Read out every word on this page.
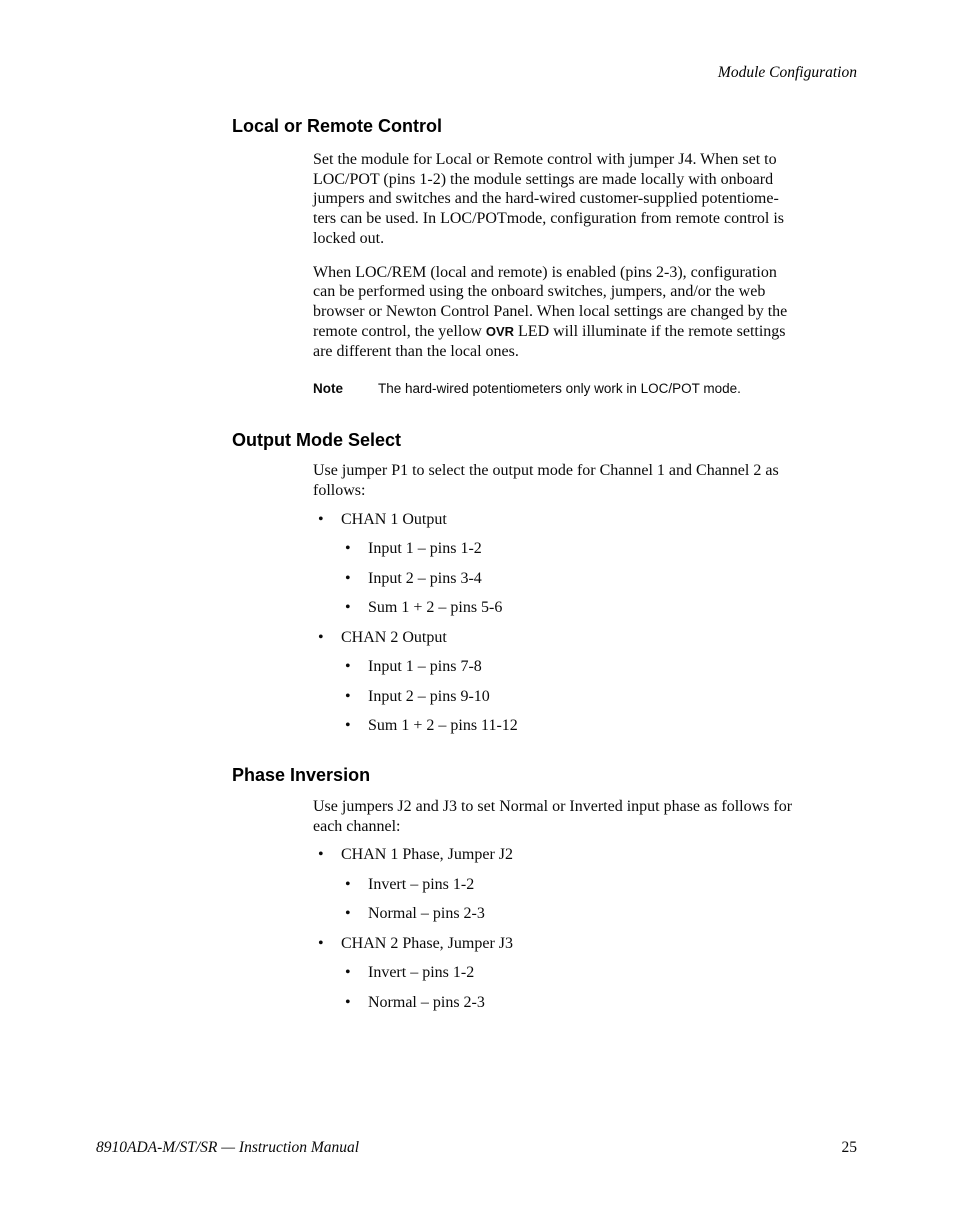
Module Configuration
Local or Remote Control
Set the module for Local or Remote control with jumper J4. When set to
LOC/POT (pins 1-2) the module settings are made locally with onboard
jumpers and switches and the hard-wired customer-supplied potentiome-
ters can be used. In LOC/POTmode, configuration from remote control is
locked out.
When LOC/REM (local and remote) is enabled (pins 2-3), configuration
can be performed using the onboard switches, jumpers, and/or the web
browser or Newton Control Panel. When local settings are changed by the
remote control, the yellow OVR LED will illuminate if the remote settings
are different than the local ones.
Note	The hard-wired potentiometers only work in LOC/POT mode.
Output Mode Select
Use jumper P1 to select the output mode for Channel 1 and Channel 2 as
follows:
• CHAN 1 Output
• Input 1 – pins 1-2
• Input 2 – pins 3-4
• Sum 1 + 2 – pins 5-6
• CHAN 2 Output
• Input 1 – pins 7-8
• Input 2 – pins 9-10
• Sum 1 + 2 – pins 11-12
Phase Inversion
Use jumpers J2 and J3 to set Normal or Inverted input phase as follows for
each channel:
• CHAN 1 Phase, Jumper J2
• Invert – pins 1-2
• Normal – pins 2-3
• CHAN 2 Phase, Jumper J3
• Invert – pins 1-2
• Normal – pins 2-3
8910ADA-M/ST/SR — Instruction Manual	25
